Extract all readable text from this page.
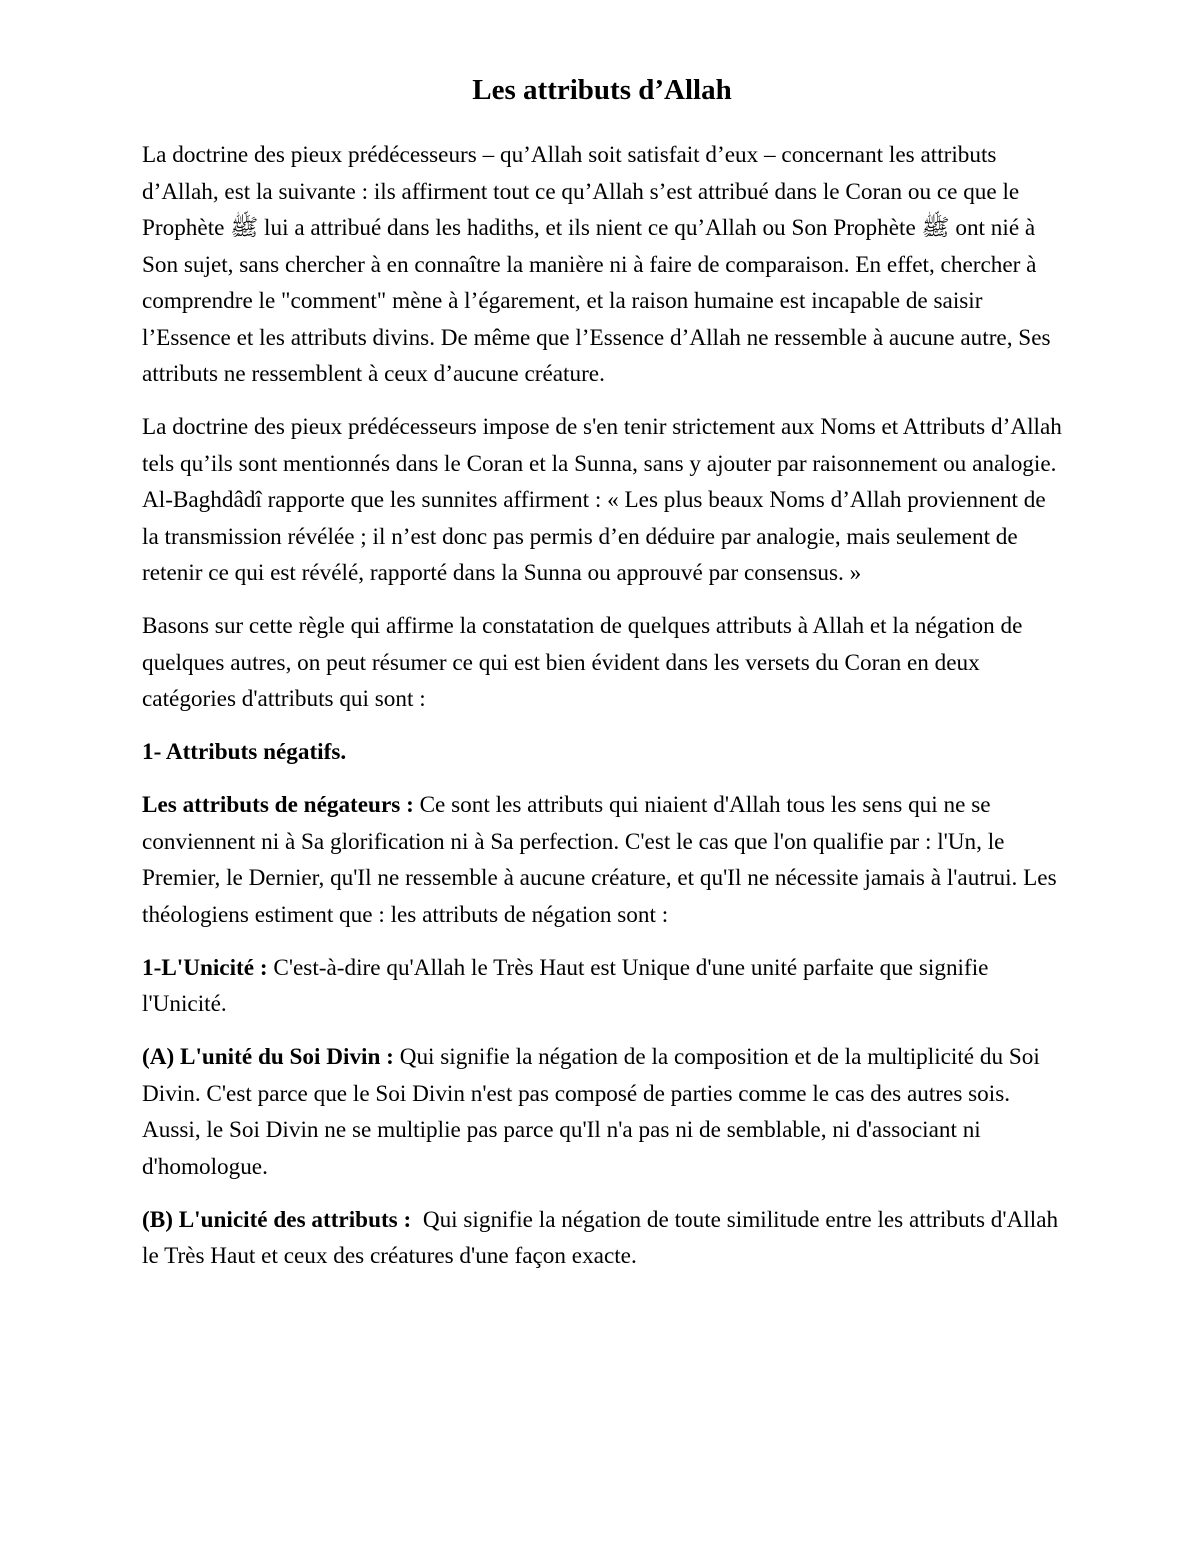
Les attributs d’Allah

La doctrine des pieux prédécesseurs – qu’Allah soit satisfait d’eux – concernant les attributs d’Allah, est la suivante : ils affirment tout ce qu’Allah s’est attribué dans le Coran ou ce que le Prophète ﷺ lui a attribué dans les hadiths, et ils nient ce qu’Allah ou Son Prophète ﷺ ont nié à Son sujet, sans chercher à en connaître la manière ni à faire de comparaison. En effet, chercher à comprendre le "comment" mène à l’égarement, et la raison humaine est incapable de saisir l’Essence et les attributs divins. De même que l’Essence d’Allah ne ressemble à aucune autre, Ses attributs ne ressemblent à ceux d’aucune créature.

La doctrine des pieux prédécesseurs impose de s'en tenir strictement aux Noms et Attributs d’Allah tels qu’ils sont mentionnés dans le Coran et la Sunna, sans y ajouter par raisonnement ou analogie. Al-Baghdâdî rapporte que les sunnites affirment : « Les plus beaux Noms d’Allah proviennent de la transmission révélée ; il n’est donc pas permis d’en déduire par analogie, mais seulement de retenir ce qui est révélé, rapporté dans la Sunna ou approuvé par consensus. »

Basons sur cette règle qui affirme la constatation de quelques attributs à Allah et la négation de quelques autres, on peut résumer ce qui est bien évident dans les versets du Coran en deux catégories d'attributs qui sont :

1- Attributs négatifs.

Les attributs de négateurs : Ce sont les attributs qui niaient d'Allah tous les sens qui ne se conviennent ni à Sa glorification ni à Sa perfection. C'est le cas que l'on qualifie par : l'Un, le Premier, le Dernier, qu'Il ne ressemble à aucune créature, et qu'Il ne nécessite jamais à l'autrui. Les théologiens estiment que : les attributs de négation sont :

1-L'Unicité : C'est-à-dire qu'Allah le Très Haut est Unique d'une unité parfaite que signifie l'Unicité.

(A) L'unité du Soi Divin : Qui signifie la négation de la composition et de la multiplicité du Soi Divin. C'est parce que le Soi Divin n'est pas composé de parties comme le cas des autres sois. Aussi, le Soi Divin ne se multiplie pas parce qu'Il n'a pas ni de semblable, ni d'associant ni d'homologue.

(B) L'unicité des attributs :  Qui signifie la négation de toute similitude entre les attributs d'Allah le Très Haut et ceux des créatures d'une façon exacte.
